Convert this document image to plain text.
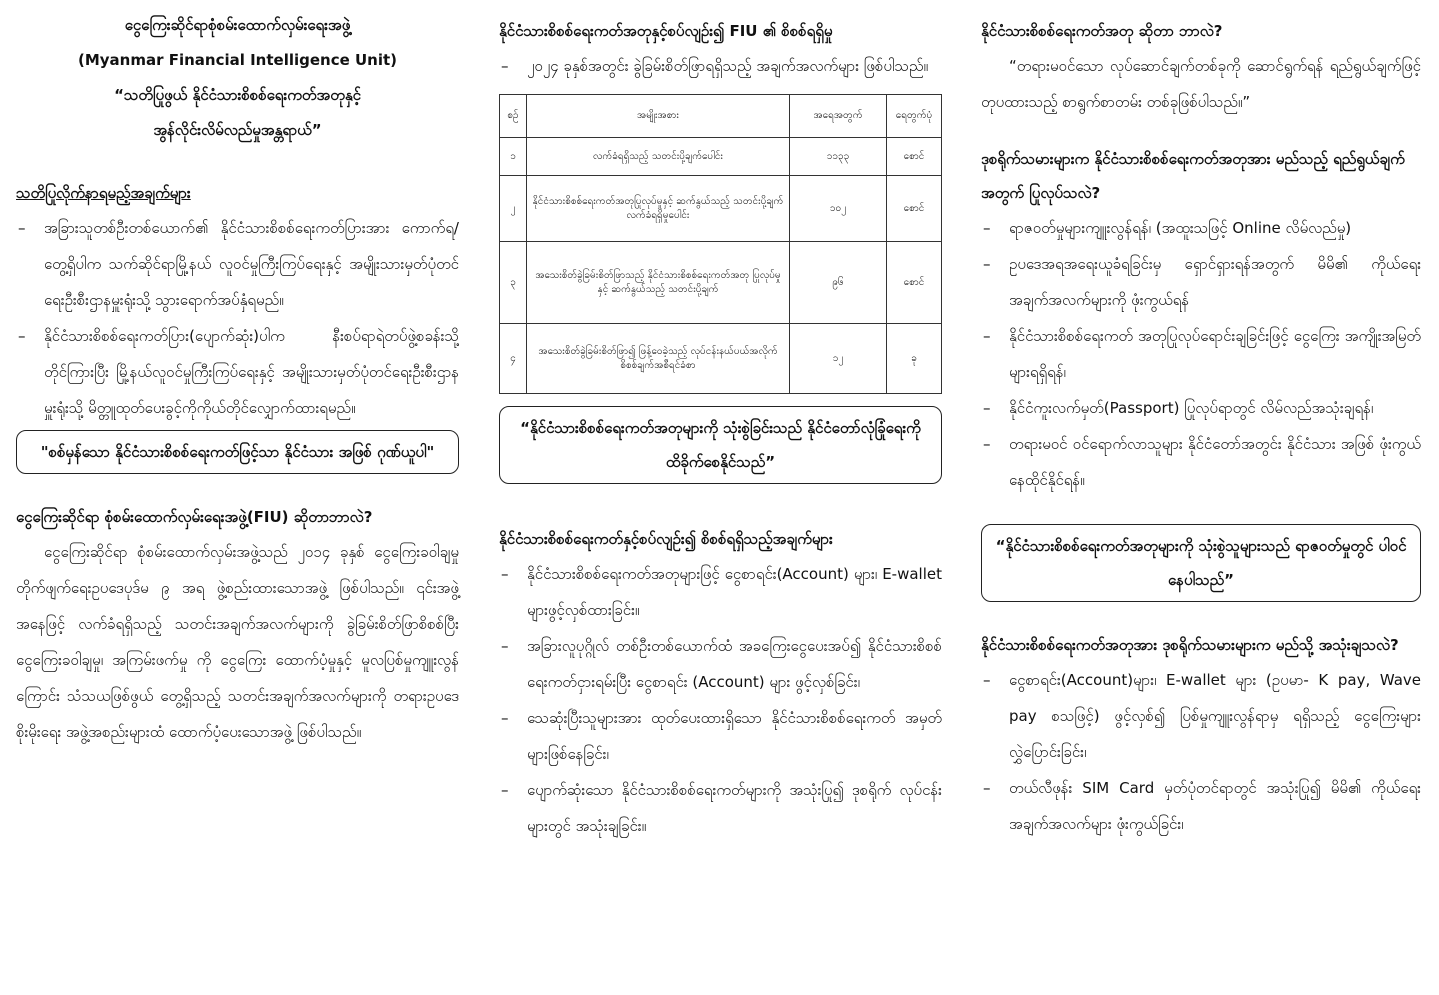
ငွေကြေးဆိုင်ရာစုံစမ်းထောက်လှမ်းရေးအဖွဲ့

(Myanmar Financial Intelligence Unit)

“သတိပြုဖွယ် နိုင်ငံသားစိစစ်ရေးကတ်အတုနှင့်

အွန်လိုင်းလိမ်လည်မှုအန္တရာယ်”

သတိပြုလိုက်နာရမည့်အချက်များ

– အခြားသူတစ်ဦးတစ်ယောက်၏ နိုင်ငံသားစိစစ်ရေးကတ်ပြားအား ကောက်ရ/တွေ့ရှိပါက သက်ဆိုင်ရာမြို့နယ် လူဝင်မှုကြီးကြပ်ရေးနှင့် အမျိုးသားမှတ်ပုံတင်ရေးဦးစီးဌာနမှူးရုံးသို့ သွားရောက်အပ်နှံရမည်။
– နိုင်ငံသားစိစစ်ရေးကတ်ပြား(ပျောက်ဆုံး)ပါက နီးစပ်ရာရဲတပ်ဖွဲ့စခန်းသို့ တိုင်ကြားပြီး မြို့နယ်လူဝင်မှုကြီးကြပ်ရေးနှင့် အမျိုးသားမှတ်ပုံတင်ရေးဦးစီးဌာနမှူးရုံးသို့ မိတ္တူထုတ်ပေးခွင့်ကိုကိုယ်တိုင်လျှောက်ထားရမည်။
"စစ်မှန်သော နိုင်ငံသားစိစစ်ရေးကတ်ဖြင့်သာ နိုင်ငံသား အဖြစ် ဂုဏ်ယူပါ"

ငွေကြေးဆိုင်ရာ စုံစမ်းထောက်လှမ်းရေးအဖွဲ့(FIU) ဆိုတာဘာလဲ?

ငွေကြေးဆိုင်ရာ စုံစမ်းထောက်လှမ်းအဖွဲ့သည် ၂၀၁၄ ခုနှစ် ငွေကြေးခဝါချမှုတိုက်ဖျက်ရေးဥပဒေပုဒ်မ ၉ အရ ဖွဲ့စည်းထားသောအဖွဲ့ ဖြစ်ပါသည်။ ၎င်းအဖွဲ့အနေဖြင့် လက်ခံရရှိသည့် သတင်းအချက်အလက်များကို ခွဲခြမ်းစိတ်ဖြာစိစစ်ပြီး ငွေကြေးခဝါချမှု၊ အကြမ်းဖက်မှု ကို ငွေကြေး ထောက်ပံ့မှုနှင့် မူလပြစ်မှုကျူးလွန်ကြောင်း သံသယဖြစ်ဖွယ် တွေ့ရှိသည့် သတင်းအချက်အလက်များကို တရားဥပဒေစိုးမိုးရေး အဖွဲ့အစည်းများထံ ထောက်ပံ့ပေးသောအဖွဲ့ ဖြစ်ပါသည်။

နိုင်ငံသားစိစစ်ရေးကတ်အတုနှင့်စပ်လျဉ်း၍ FIU ၏ စိစစ်ရရှိမှု

– ၂၀၂၄ ခုနှစ်အတွင်း ခွဲခြမ်းစိတ်ဖြာရရှိသည့် အချက်အလက်များ ဖြစ်ပါသည်။
စဉ်	အမျိုးအစား	အရေအတွက်	ရေတွက်ပုံ
၁	လက်ခံရရှိသည့် သတင်းပို့ချက်ပေါင်း	၁၁၃၃	စောင်
၂	နိုင်ငံသားစိစစ်ရေးကတ်အတုပြုလုပ်မှုနှင့် ဆက်နွယ်သည့် သတင်းပို့ချက် လက်ခံရရှိမှုပေါင်း	၁၀၂	စောင်
၃	အသေးစိတ်ခွဲခြမ်းစိတ်ဖြာသည့် နိုင်ငံသားစိစစ်ရေးကတ်အတု ပြုလုပ်မှုနှင့် ဆက်နွယ်သည့် သတင်းပို့ချက်	၉၆	စောင်
၄	အသေးစိတ်ခွဲခြမ်းစိတ်ဖြာ၍ ဖြန့်ဝေခဲ့သည့် လုပ်ငန်းနယ်ပယ်အလိုက် စိစစ်ချက်အစီရင်ခံစာ	၁၂	ခု
“နိုင်ငံသားစိစစ်ရေးကတ်အတုများကို သုံးစွဲခြင်းသည် နိုင်ငံတော်လုံခြုံရေးကို ထိခိုက်စေနိုင်သည်”

နိုင်ငံသားစိစစ်ရေးကတ်နှင့်စပ်လျဉ်း၍ စိစစ်ရရှိသည့်အချက်များ

– နိုင်ငံသားစိစစ်ရေးကတ်အတုများဖြင့် ငွေစာရင်း(Account) များ၊ E-wallet များဖွင့်လှစ်ထားခြင်း။
– အခြားလူပုဂ္ဂိုလ် တစ်ဦးတစ်ယောက်ထံ အခကြေးငွေပေးအပ်၍ နိုင်ငံသားစိစစ်ရေးကတ်ငှားရမ်းပြီး ငွေစာရင်း (Account) များ ဖွင့်လှစ်ခြင်း၊
– သေဆုံးပြီးသူများအား ထုတ်ပေးထားရှိသော နိုင်ငံသားစိစစ်ရေးကတ် အမှတ်များဖြစ်နေခြင်း၊
– ပျောက်ဆုံးသော နိုင်ငံသားစိစစ်ရေးကတ်များကို အသုံးပြု၍ ဒုစရိုက် လုပ်ငန်းများတွင် အသုံးချခြင်း။

နိုင်ငံသားစိစစ်ရေးကတ်အတု ဆိုတာ ဘာလဲ?

“တရားမဝင်သော လုပ်ဆောင်ချက်တစ်ခုကို ဆောင်ရွက်ရန် ရည်ရွယ်ချက်ဖြင့် တုပထားသည့် စာရွက်စာတမ်း တစ်ခုဖြစ်ပါသည်။”

ဒုစရိုက်သမားများက နိုင်ငံသားစိစစ်ရေးကတ်အတုအား မည်သည့် ရည်ရွယ်ချက်အတွက် ပြုလုပ်သလဲ?

– ရာဇဝတ်မှုများကျူးလွန်ရန်၊ (အထူးသဖြင့် Online လိမ်လည်မှု)
– ဥပဒေအရအရေးယူခံရခြင်းမှ ရှောင်ရှားရန်အတွက် မိမိ၏ ကိုယ်ရေး အချက်အလက်များကို ဖုံးကွယ်ရန်
– နိုင်ငံသားစိစစ်ရေးကတ် အတုပြုလုပ်ရောင်းချခြင်းဖြင့် ငွေကြေး အကျိုးအမြတ်များရရှိရန်၊
– နိုင်ငံကူးလက်မှတ်(Passport) ပြုလုပ်ရာတွင် လိမ်လည်အသုံးချရန်၊
– တရားမဝင် ဝင်ရောက်လာသူများ နိုင်ငံတော်အတွင်း နိုင်ငံသား အဖြစ် ဖုံးကွယ်နေထိုင်နိုင်ရန်။
“နိုင်ငံသားစိစစ်ရေးကတ်အတုများကို သုံးစွဲသူများသည် ရာဇဝတ်မှုတွင် ပါဝင်နေပါသည်”

နိုင်ငံသားစိစစ်ရေးကတ်အတုအား ဒုစရိုက်သမားများက မည်သို့ အသုံးချသလဲ?

– ငွေစာရင်း(Account)များ၊ E-wallet များ (ဥပမာ- K pay, Wave pay စသဖြင့်) ဖွင့်လှစ်၍ ပြစ်မှုကျူးလွန်ရာမှ ရရှိသည့် ငွေကြေးများ လွှဲပြောင်းခြင်း၊
– တယ်လီဖုန်း SIM Card မှတ်ပုံတင်ရာတွင် အသုံးပြု၍ မိမိ၏ ကိုယ်ရေးအချက်အလက်များ ဖုံးကွယ်ခြင်း၊
